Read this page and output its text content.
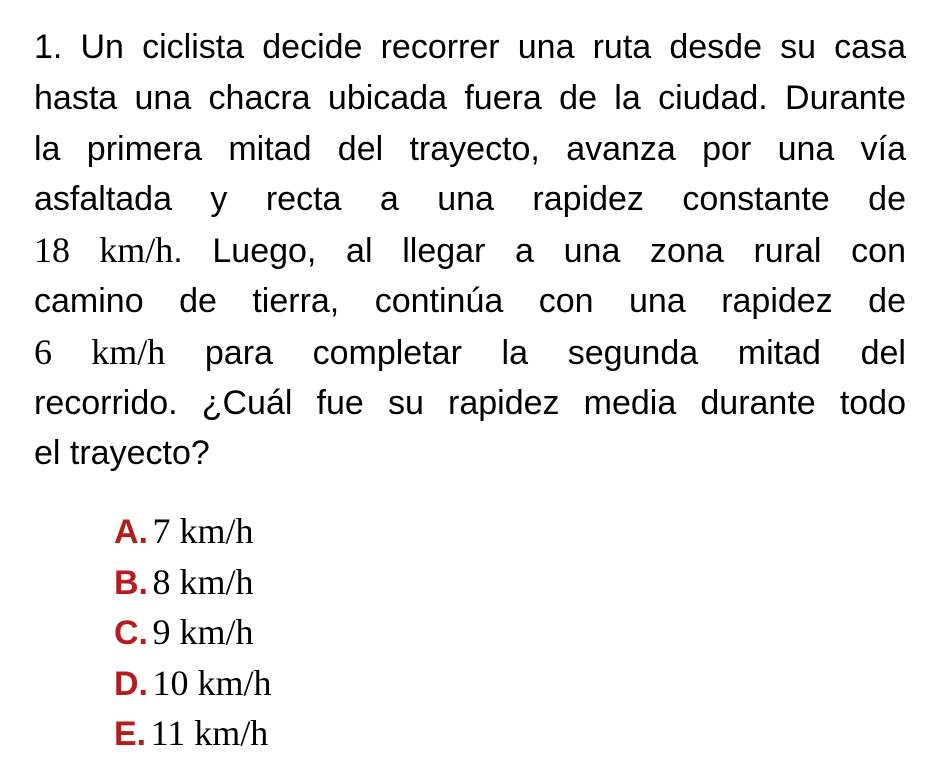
1. Un ciclista decide recorrer una ruta desde su casa
hasta una chacra ubicada fuera de la ciudad. Durante
la primera mitad del trayecto, avanza por una vía
asfaltada y recta a una rapidez constante de
18 km/h. Luego, al llegar a una zona rural con
camino de tierra, continúa con una rapidez de
6 km/h para completar la segunda mitad del
recorrido. ¿Cuál fue su rapidez media durante todo
el trayecto?
A. 7 km/h
B. 8 km/h
C. 9 km/h
D. 10 km/h
E. 11 km/h
